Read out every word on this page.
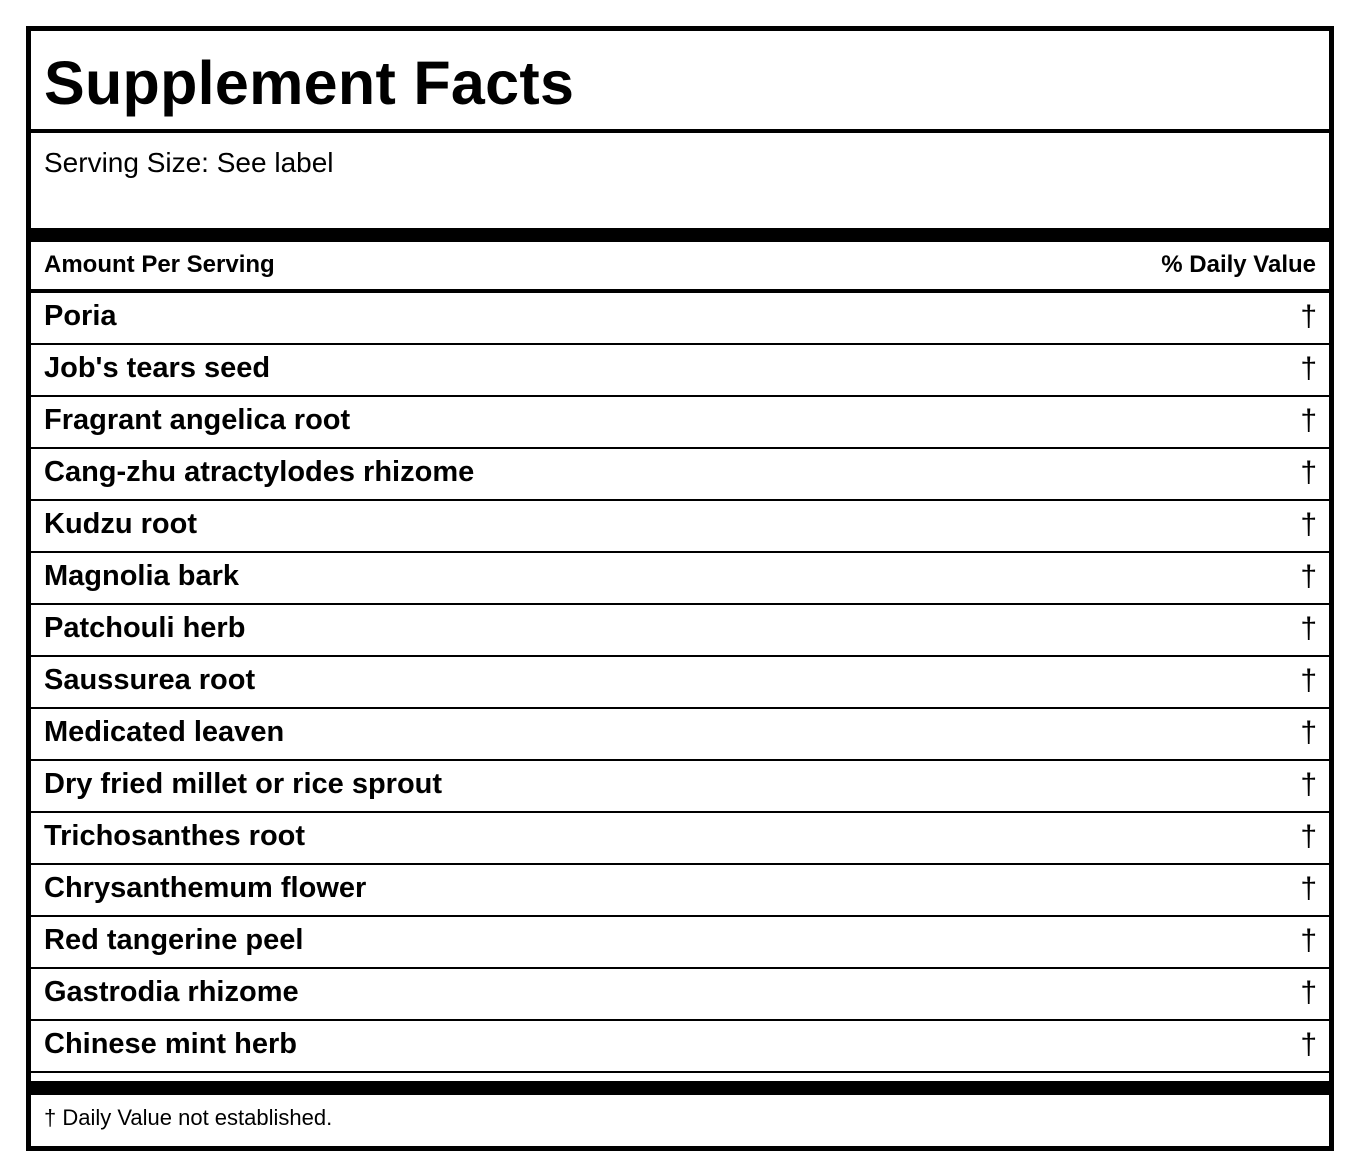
Supplement Facts
Serving Size: See label
Amount Per Serving	% Daily Value
Poria	†
Job's tears seed	†
Fragrant angelica root	†
Cang-zhu atractylodes rhizome	†
Kudzu root	†
Magnolia bark	†
Patchouli herb	†
Saussurea root	†
Medicated leaven	†
Dry fried millet or rice sprout	†
Trichosanthes root	†
Chrysanthemum flower	†
Red tangerine peel	†
Gastrodia rhizome	†
Chinese mint herb	†
† Daily Value not established.
